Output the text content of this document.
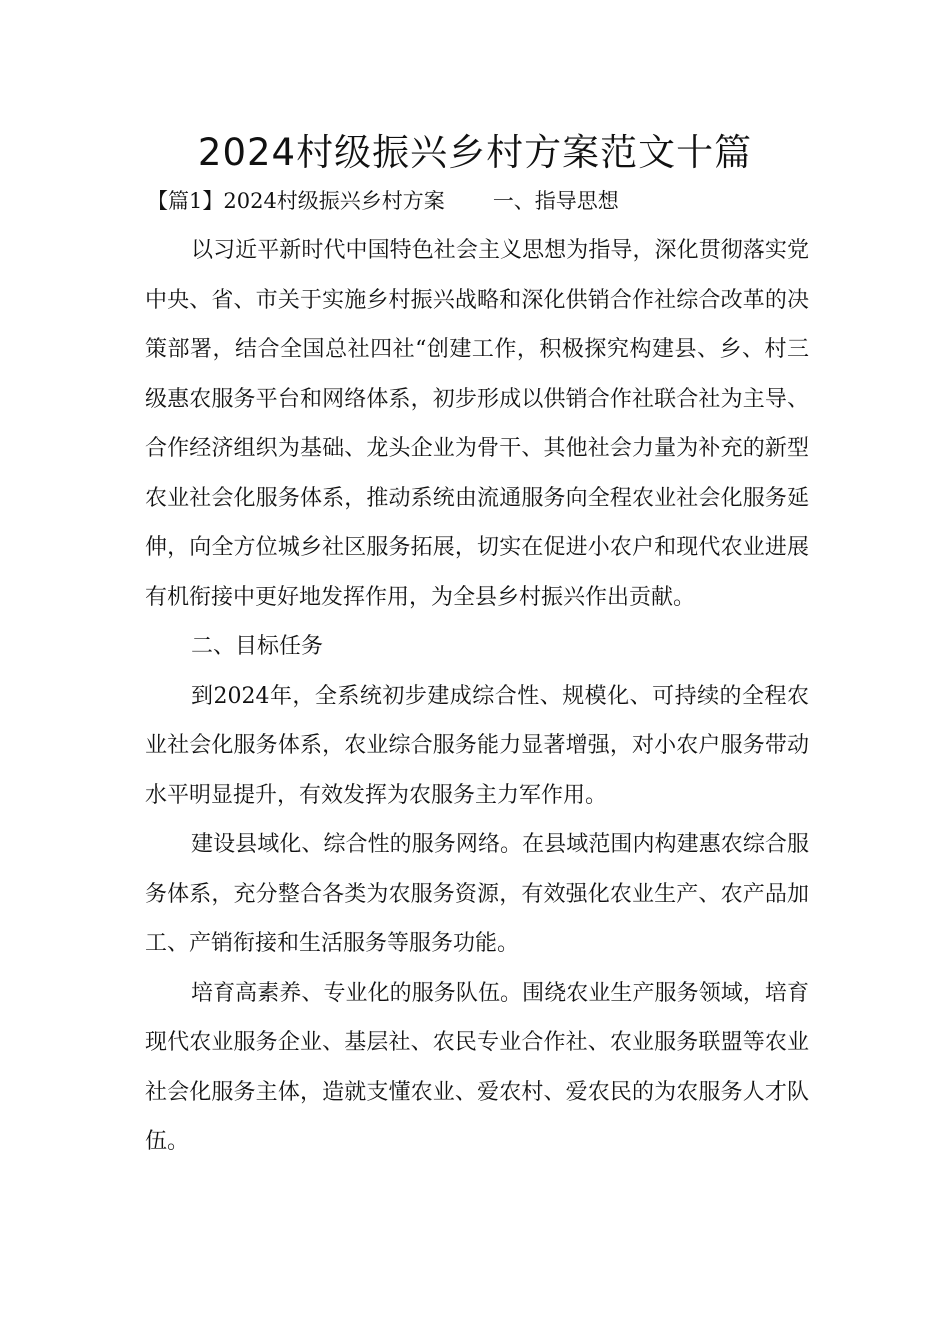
2024村级振兴乡村方案范文十篇
【篇1】2024村级振兴乡村方案 一、指导思想

以习近平新时代中国特色社会主义思想为指导，深化贯彻落实党中央、省、市关于实施乡村振兴战略和深化供销合作社综合改革的决策部署，结合全国总社四社“创建工作，积极探究构建县、乡、村三级惠农服务平台和网络体系，初步形成以供销合作社联合社为主导、合作经济组织为基础、龙头企业为骨干、其他社会力量为补充的新型农业社会化服务体系，推动系统由流通服务向全程农业社会化服务延伸，向全方位城乡社区服务拓展，切实在促进小农户和现代农业进展有机衔接中更好地发挥作用，为全县乡村振兴作出贡献。

二、目标任务

到2024年，全系统初步建成综合性、规模化、可持续的全程农业社会化服务体系，农业综合服务能力显著增强，对小农户服务带动水平明显提升，有效发挥为农服务主力军作用。

建设县域化、综合性的服务网络。在县域范围内构建惠农综合服务体系，充分整合各类为农服务资源，有效强化农业生产、农产品加工、产销衔接和生活服务等服务功能。

培育高素养、专业化的服务队伍。围绕农业生产服务领域，培育现代农业服务企业、基层社、农民专业合作社、农业服务联盟等农业社会化服务主体，造就支懂农业、爱农村、爱农民的为农服务人才队伍。
